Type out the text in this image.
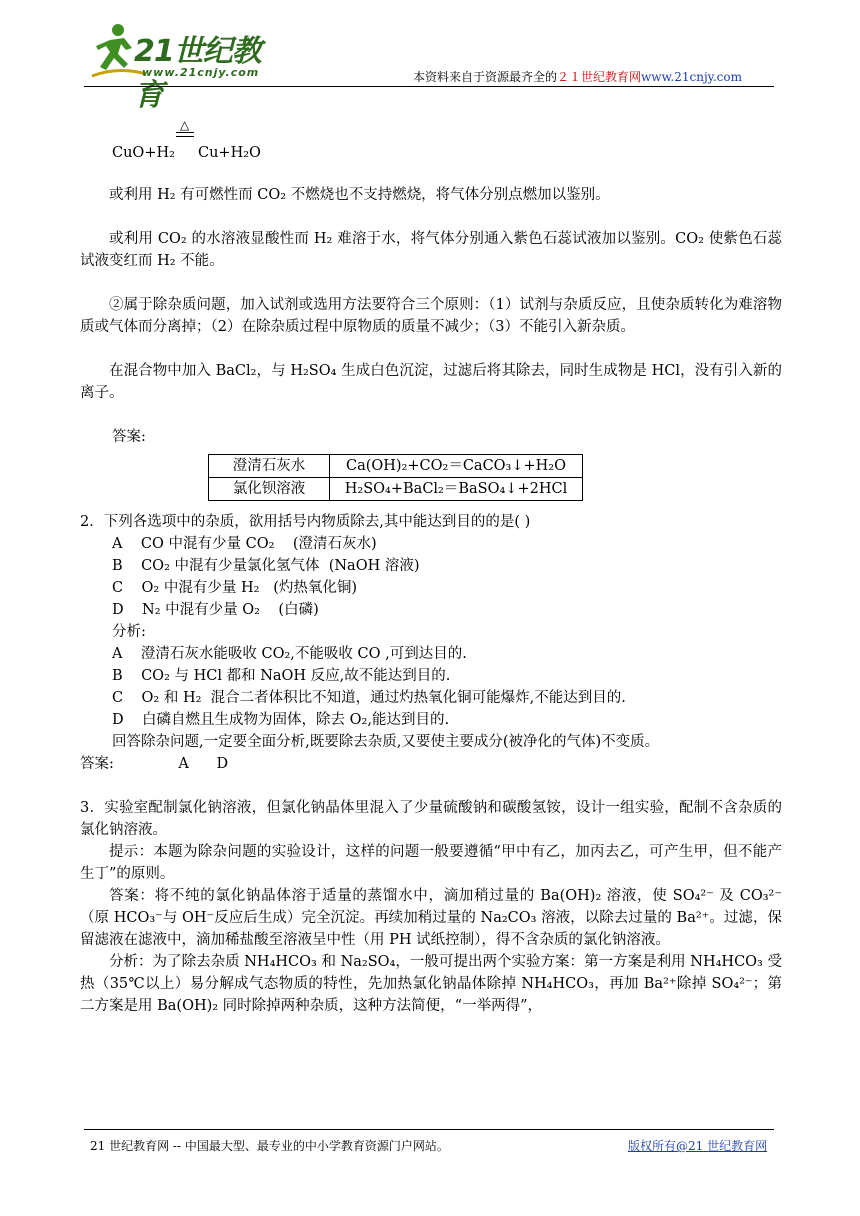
21世纪教育
www.21cnjy.com	本资料来自于资源最齐全的２１世纪教育网www.21cnjy.com
△
CuO+H₂ Cu+H₂O

或利用 H₂ 有可燃性而 CO₂ 不燃烧也不支持燃烧，将气体分别点燃加以鉴别。

或利用 CO₂ 的水溶液显酸性而 H₂ 难溶于水，将气体分别通入紫色石蕊试液加以鉴别。CO₂ 使紫色石蕊试液变红而 H₂ 不能。

②属于除杂质问题，加入试剂或选用方法要符合三个原则：（1）试剂与杂质反应，且使杂质转化为难溶物质或气体而分离掉；（2）在除杂质过程中原物质的质量不减少；（3）不能引入新杂质。

在混合物中加入 BaCl₂，与 H₂SO₄ 生成白色沉淀，过滤后将其除去，同时生成物是 HCl，没有引入新的离子。

答案:
澄清石灰水	Ca(OH)₂+CO₂＝CaCO₃↓+H₂O
氯化钡溶液	H₂SO₄+BaCl₂＝BaSO₄↓+2HCl

2．下列各选项中的杂质，欲用括号内物质除去,其中能达到目的的是( )

A    CO 中混有少量 CO₂    (澄清石灰水)

B    CO₂ 中混有少量氯化氢气体  (NaOH 溶液)

C    O₂ 中混有少量 H₂   (灼热氧化铜)

D    N₂ 中混有少量 O₂    (白磷)

分析:

A    澄清石灰水能吸收 CO₂,不能吸收 CO ,可到达目的.

B    CO₂ 与 HCl 都和 NaOH 反应,故不能达到目的.

C    O₂ 和 H₂  混合二者体积比不知道，通过灼热氧化铜可能爆炸,不能达到目的.

D    白磷自燃且生成物为固体，除去 O₂,能达到目的.

回答除杂问题,一定要全面分析,既要除去杂质,又要使主要成分(被净化的气体)不变质。

答案:              A      D

3．实验室配制氯化钠溶液，但氯化钠晶体里混入了少量硫酸钠和碳酸氢铵，设计一组实验，配制不含杂质的氯化钠溶液。

提示：本题为除杂问题的实验设计，这样的问题一般要遵循“甲中有乙，加丙去乙，可产生甲，但不能产生丁”的原则。

答案：将不纯的氯化钠晶体溶于适量的蒸馏水中，滴加稍过量的 Ba(OH)₂ 溶液，使 SO₄²⁻ 及 CO₃²⁻（原 HCO₃⁻与 OH⁻反应后生成）完全沉淀。再续加稍过量的 Na₂CO₃ 溶液，以除去过量的 Ba²⁺。过滤，保留滤液在滤液中，滴加稀盐酸至溶液呈中性（用 PH 试纸控制），得不含杂质的氯化钠溶液。

分析：为了除去杂质 NH₄HCO₃ 和 Na₂SO₄，一般可提出两个实验方案：第一方案是利用 NH₄HCO₃ 受热（35℃以上）易分解成气态物质的特性，先加热氯化钠晶体除掉 NH₄HCO₃，再加 Ba²⁺除掉 SO₄²⁻；第二方案是用 Ba(OH)₂ 同时除掉两种杂质，这种方法简便，“一举两得”，

21 世纪教育网 -- 中国最大型、最专业的中小学教育资源门户网站。	版权所有@21 世纪教育网
